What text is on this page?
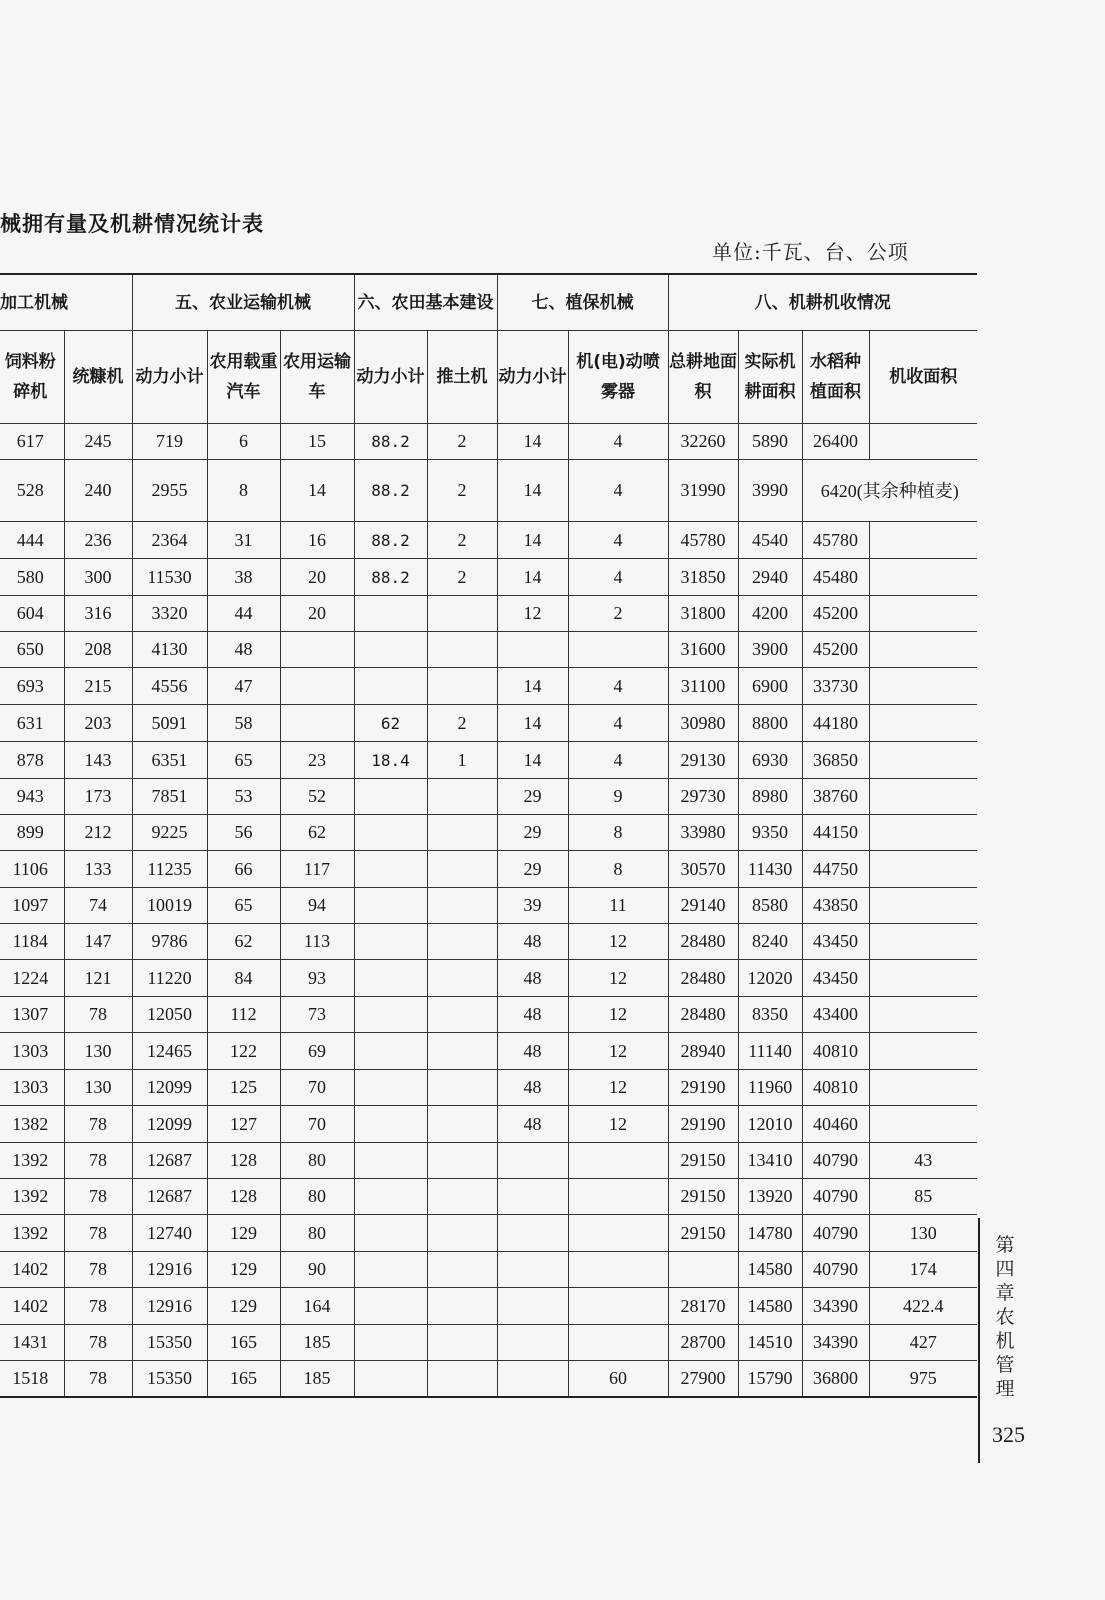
械拥有量及机耕情况统计表
单位:千瓦、台、公项
加工机械		五、农业运输机械			六、农田基本建设		七、植保机械		八、机耕机收情况			
饲料粉碎机	统糠机	动力小计	农用载重汽车	农用运输车	动力小计	推土机	动力小计	机(电)动喷雾器	总耕地面积	实际机耕面积	水稻种植面积	机收面积
617	245	719	6	15	88.2	2	14	4	32260	5890	26400	
528	240	2955	8	14	88.2	2	14	4	31990	3990	6420(其余种植麦)	
444	236	2364	31	16	88.2	2	14	4	45780	4540	45780	
580	300	11530	38	20	88.2	2	14	4	31850	2940	45480	
604	316	3320	44	20			12	2	31800	4200	45200	
650	208	4130	48						31600	3900	45200	
693	215	4556	47				14	4	31100	6900	33730	
631	203	5091	58		62	2	14	4	30980	8800	44180	
878	143	6351	65	23	18.4	1	14	4	29130	6930	36850	
943	173	7851	53	52			29	9	29730	8980	38760	
899	212	9225	56	62			29	8	33980	9350	44150	
1106	133	11235	66	117			29	8	30570	11430	44750	
1097	74	10019	65	94			39	11	29140	8580	43850	
1184	147	9786	62	113			48	12	28480	8240	43450	
1224	121	11220	84	93			48	12	28480	12020	43450	
1307	78	12050	112	73			48	12	28480	8350	43400	
1303	130	12465	122	69			48	12	28940	11140	40810	
1303	130	12099	125	70			48	12	29190	11960	40810	
1382	78	12099	127	70			48	12	29190	12010	40460	
1392	78	12687	128	80					29150	13410	40790	43
1392	78	12687	128	80					29150	13920	40790	85
1392	78	12740	129	80					29150	14780	40790	130
1402	78	12916	129	90						14580	40790	174
1402	78	12916	129	164					28170	14580	34390	422.4
1431	78	15350	165	185					28700	14510	34390	427
1518	78	15350	165	185				60	27900	15790	36800	975
第四章 农机管理
325
